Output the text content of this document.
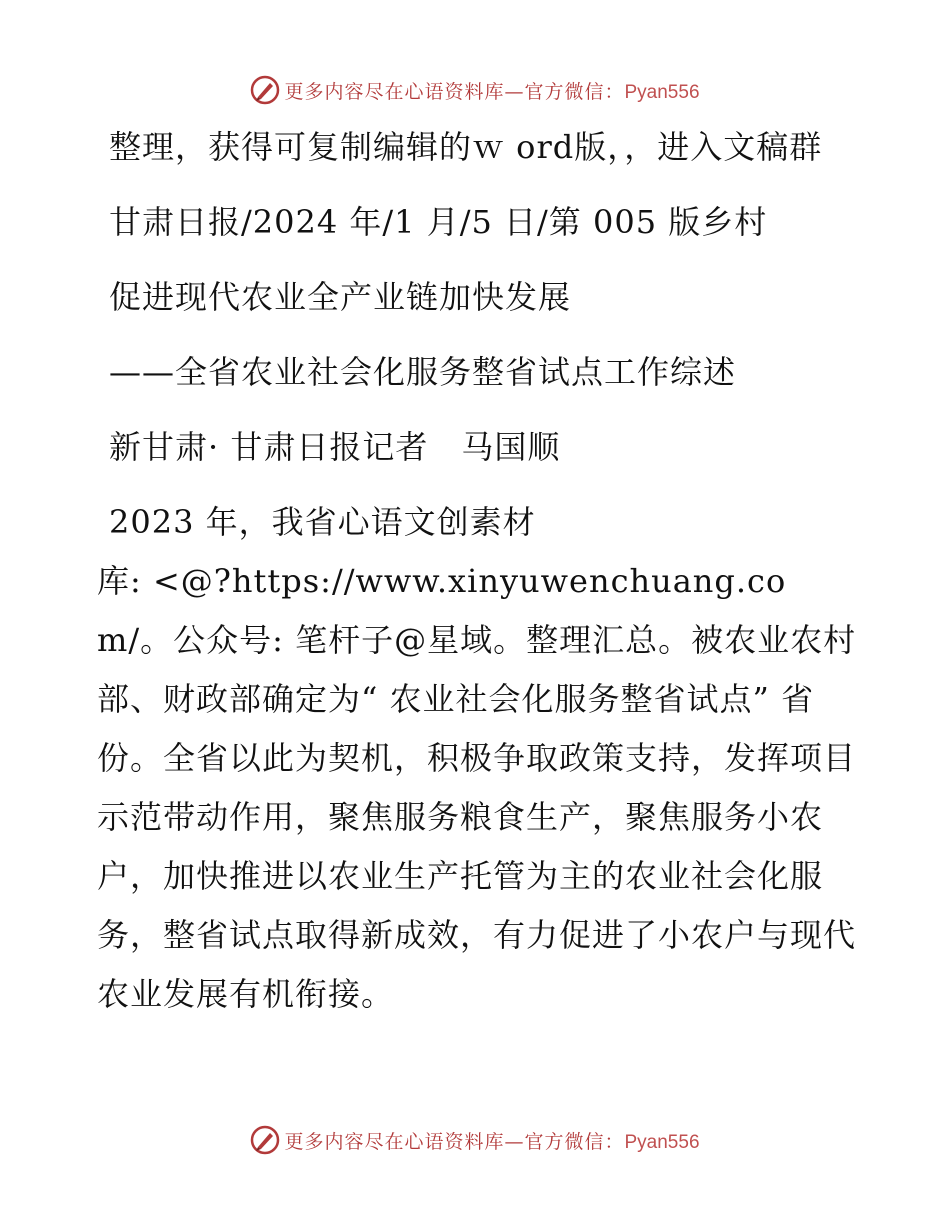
更多内容尽在心语资料库—官方微信：Pyan556

整理，获得可复制编辑的ｗ ord版，，进入文稿群

甘肃日报/2024 年/1 月/5 日/第 005 版乡村

促进现代农业全产业链加快发展

——全省农业社会化服务整省试点工作综述

新甘肃· 甘肃日报记者　马国顺

2023 年，我省心语文创素材

库: <@?https://www.xinyuwenchuang.com/。公众号: 笔杆子@星域。整理汇总。被农业农村部、财政部确定为“ 农业社会化服务整省试点” 省份。全省以此为契机，积极争取政策支持，发挥项目示范带动作用，聚焦服务粮食生产，聚焦服务小农户，加快推进以农业生产托管为主的农业社会化服务，整省试点取得新成效，有力促进了小农户与现代农业发展有机衔接。

更多内容尽在心语资料库—官方微信：Pyan556
